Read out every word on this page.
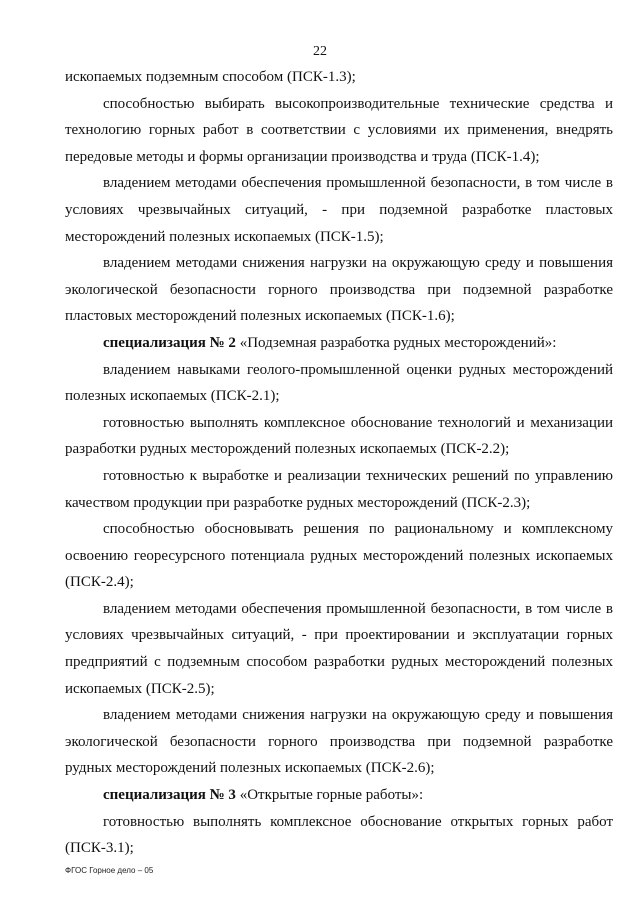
22

ископаемых подземным способом (ПСК-1.3);

способностью выбирать высокопроизводительные технические средства и технологию горных работ в соответствии с условиями их применения, внедрять передовые методы и формы организации производства и труда (ПСК-1.4);

владением методами обеспечения промышленной безопасности, в том числе в условиях чрезвычайных ситуаций, - при подземной разработке пластовых месторождений полезных ископаемых (ПСК-1.5);

владением методами снижения нагрузки на окружающую среду и повышения экологической безопасности горного производства при подземной разработке пластовых месторождений полезных ископаемых (ПСК-1.6);

специализация № 2 «Подземная разработка рудных месторождений»:

владением навыками геолого-промышленной оценки рудных месторождений полезных ископаемых (ПСК-2.1);

готовностью выполнять комплексное обоснование технологий и механизации разработки рудных месторождений полезных ископаемых (ПСК-2.2);

готовностью к выработке и реализации технических решений по управлению качеством продукции при разработке рудных месторождений (ПСК-2.3);

способностью обосновывать решения по рациональному и комплексному освоению георесурсного потенциала рудных месторождений полезных ископаемых (ПСК-2.4);

владением методами обеспечения промышленной безопасности, в том числе в условиях чрезвычайных ситуаций, - при проектировании и эксплуатации горных предприятий с подземным способом разработки рудных месторождений полезных ископаемых (ПСК-2.5);

владением методами снижения нагрузки на окружающую среду и повышения экологической безопасности горного производства при подземной разработке рудных месторождений полезных ископаемых (ПСК-2.6);

специализация № 3 «Открытые горные работы»:

готовностью выполнять комплексное обоснование открытых горных работ (ПСК-3.1);

ФГОС Горное дело – 05
